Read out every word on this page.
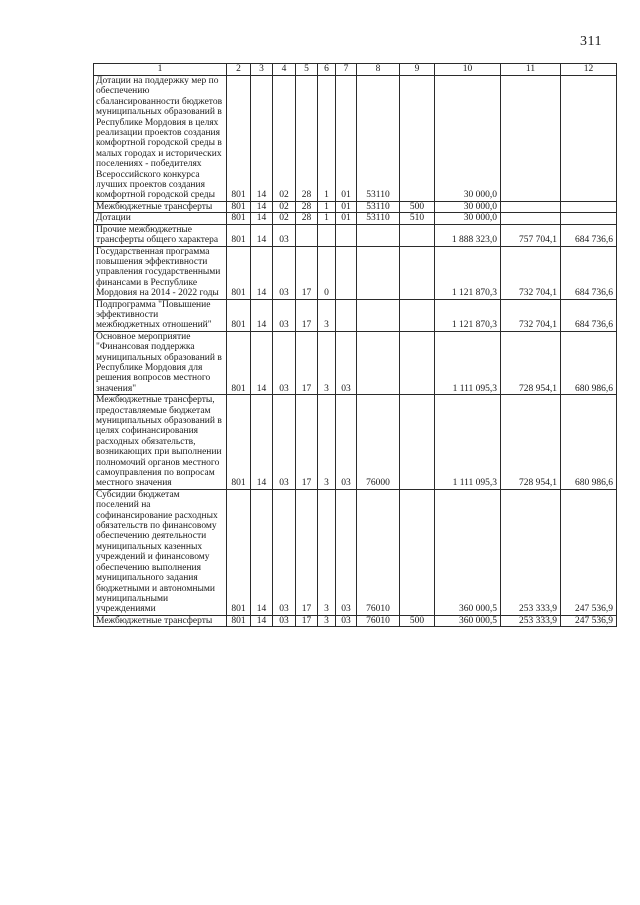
311
1	2	3	4	5	6	7	8	9	10	11	12
Дотации на поддержку мер по обеспечению сбалансированности бюджетов муниципальных образований в Республике Мордовия в целях реализации проектов создания комфортной городской среды в малых городах и исторических поселениях - победителях Всероссийского конкурса лучших проектов создания комфортной городской среды	801	14	02	28	1	01	53110		30 000,0		
Межбюджетные трансферты	801	14	02	28	1	01	53110	500	30 000,0		
Дотации	801	14	02	28	1	01	53110	510	30 000,0		
Прочие межбюджетные трансферты общего характера	801	14	03						1 888 323,0	757 704,1	684 736,6
Государственная программа повышения эффективности управления государственными финансами в Республике Мордовия на 2014 - 2022 годы	801	14	03	17	0				1 121 870,3	732 704,1	684 736,6
Подпрограмма "Повышение эффективности межбюджетных отношений"	801	14	03	17	3				1 121 870,3	732 704,1	684 736,6
Основное мероприятие "Финансовая поддержка муниципальных образований в Республике Мордовия для решения вопросов местного значения"	801	14	03	17	3	03			1 111 095,3	728 954,1	680 986,6
Межбюджетные трансферты, предоставляемые бюджетам муниципальных образований в целях софинансирования расходных обязательств, возникающих при выполнении полномочий органов местного самоуправления по вопросам местного значения	801	14	03	17	3	03	76000		1 111 095,3	728 954,1	680 986,6
Субсидии бюджетам поселений на софинансирование расходных обязательств по финансовому обеспечению деятельности муниципальных казенных учреждений и финансовому обеспечению выполнения муниципального задания бюджетными и автономными муниципальными учреждениями	801	14	03	17	3	03	76010		360 000,5	253 333,9	247 536,9
Межбюджетные трансферты	801	14	03	17	3	03	76010	500	360 000,5	253 333,9	247 536,9
